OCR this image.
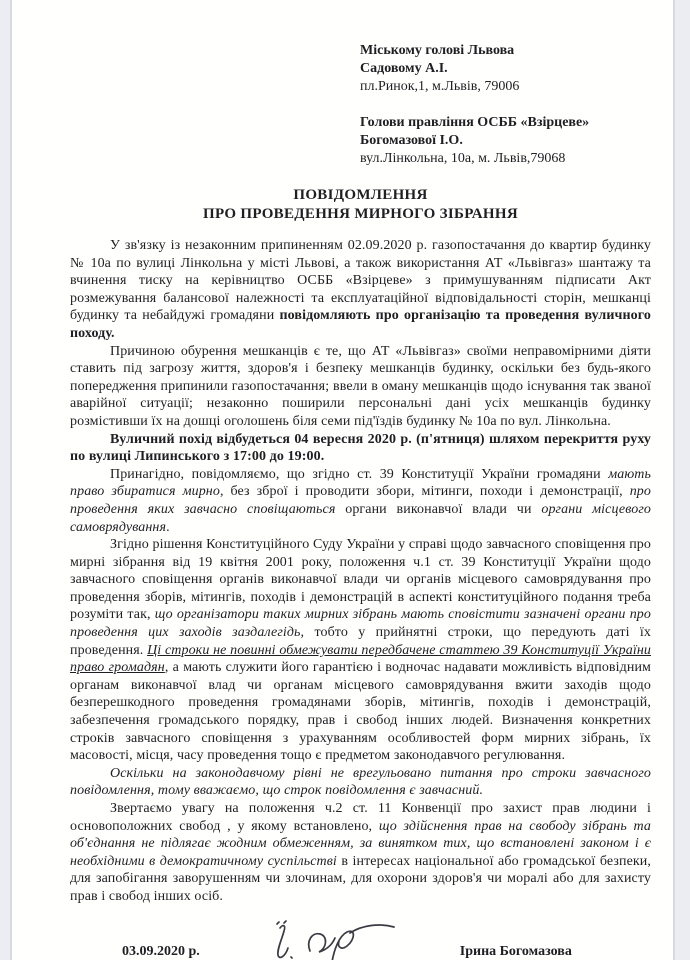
Міському голові Львова
Садовому А.І.
пл.Ринок,1, м.Львів, 79006
Голови правління ОСББ «Взірцеве»
Богомазової І.О.
вул.Лінкольна, 10а, м. Львів,79068
ПОВІДОМЛЕННЯ
ПРО ПРОВЕДЕННЯ МИРНОГО ЗІБРАННЯ

У зв'язку із незаконним припиненням 02.09.2020 р. газопостачання до квартир будинку № 10а по вулиці Лінкольна у місті Львові, а також використання АТ «Львівгаз» шантажу та вчинення тиску на керівництво ОСББ «Взірцеве» з примушуванням підписати Акт розмежування балансової належності та експлуатаційної відповідальності сторін, мешканці будинку та небайдужі громадяни повідомляють про організацію та проведення вуличного походу.

Причиною обурення мешканців є те, що АТ «Львівгаз» своїми неправомірними діяти ставить під загрозу життя, здоров'я і безпеку мешканців будинку, оскільки без будь-якого попередження припинили газопостачання; ввели в оману мешканців щодо існування так званої аварійної ситуації; незаконно поширили персональні дані усіх мешканців будинку розмістивши їх на дошці оголошень біля семи під'їздів будинку № 10а по вул. Лінкольна.

Вуличний похід відбудеться 04 вересня 2020 р. (п'ятниця) шляхом перекриття руху по вулиці Липинського з 17:00 до 19:00.

Принагідно, повідомляємо, що згідно ст. 39 Конституції України громадяни мають право збиратися мирно, без зброї і проводити збори, мітинги, походи і демонстрації, про проведення яких завчасно сповіщаються органи виконавчої влади чи органи місцевого самоврядування.

Згідно рішення Конституційного Суду України у справі щодо завчасного сповіщення про мирні зібрання від 19 квітня 2001 року, положення ч.1 ст. 39 Конституції України щодо завчасного сповіщення органів виконавчої влади чи органів місцевого самоврядування про проведення зборів, мітингів, походів і демонстрацій в аспекті конституційного подання треба розуміти так, що організатори таких мирних зібрань мають сповістити зазначені органи про проведення цих заходів заздалегідь, тобто у прийнятні строки, що передують даті їх проведення. Ці строки не повинні обмежувати передбачене статтею 39 Конституції України право громадян, а мають служити його гарантією і водночас надавати можливість відповідним органам виконавчої влад чи органам місцевого самоврядування вжити заходів щодо безперешкодного проведення громадянами зборів, мітингів, походів і демонстрацій, забезпечення громадського порядку, прав і свобод інших людей. Визначення конкретних строків завчасного сповіщення з урахуванням особливостей форм мирних зібрань, їх масовості, місця, часу проведення тощо є предметом законодавчого регулювання.

Оскільки на законодавчому рівні не врегульовано питання про строки завчасного повідомлення, тому вважаємо, що строк повідомлення є завчасний.

Звертаємо увагу на положення ч.2 ст. 11 Конвенції про захист прав людини і основоположних свобод , у якому встановлено, що здійснення прав на свободу зібрань та об'єднання не підлягає жодним обмеженням, за винятком тих, що встановлені законом і є необхідними в демократичному суспільстві в інтересах національної або громадської безпеки, для запобігання заворушенням чи злочинам, для охорони здоров'я чи моралі або для захисту прав і свобод інших осіб.

03.09.2020 р.	Ірина Богомазова
